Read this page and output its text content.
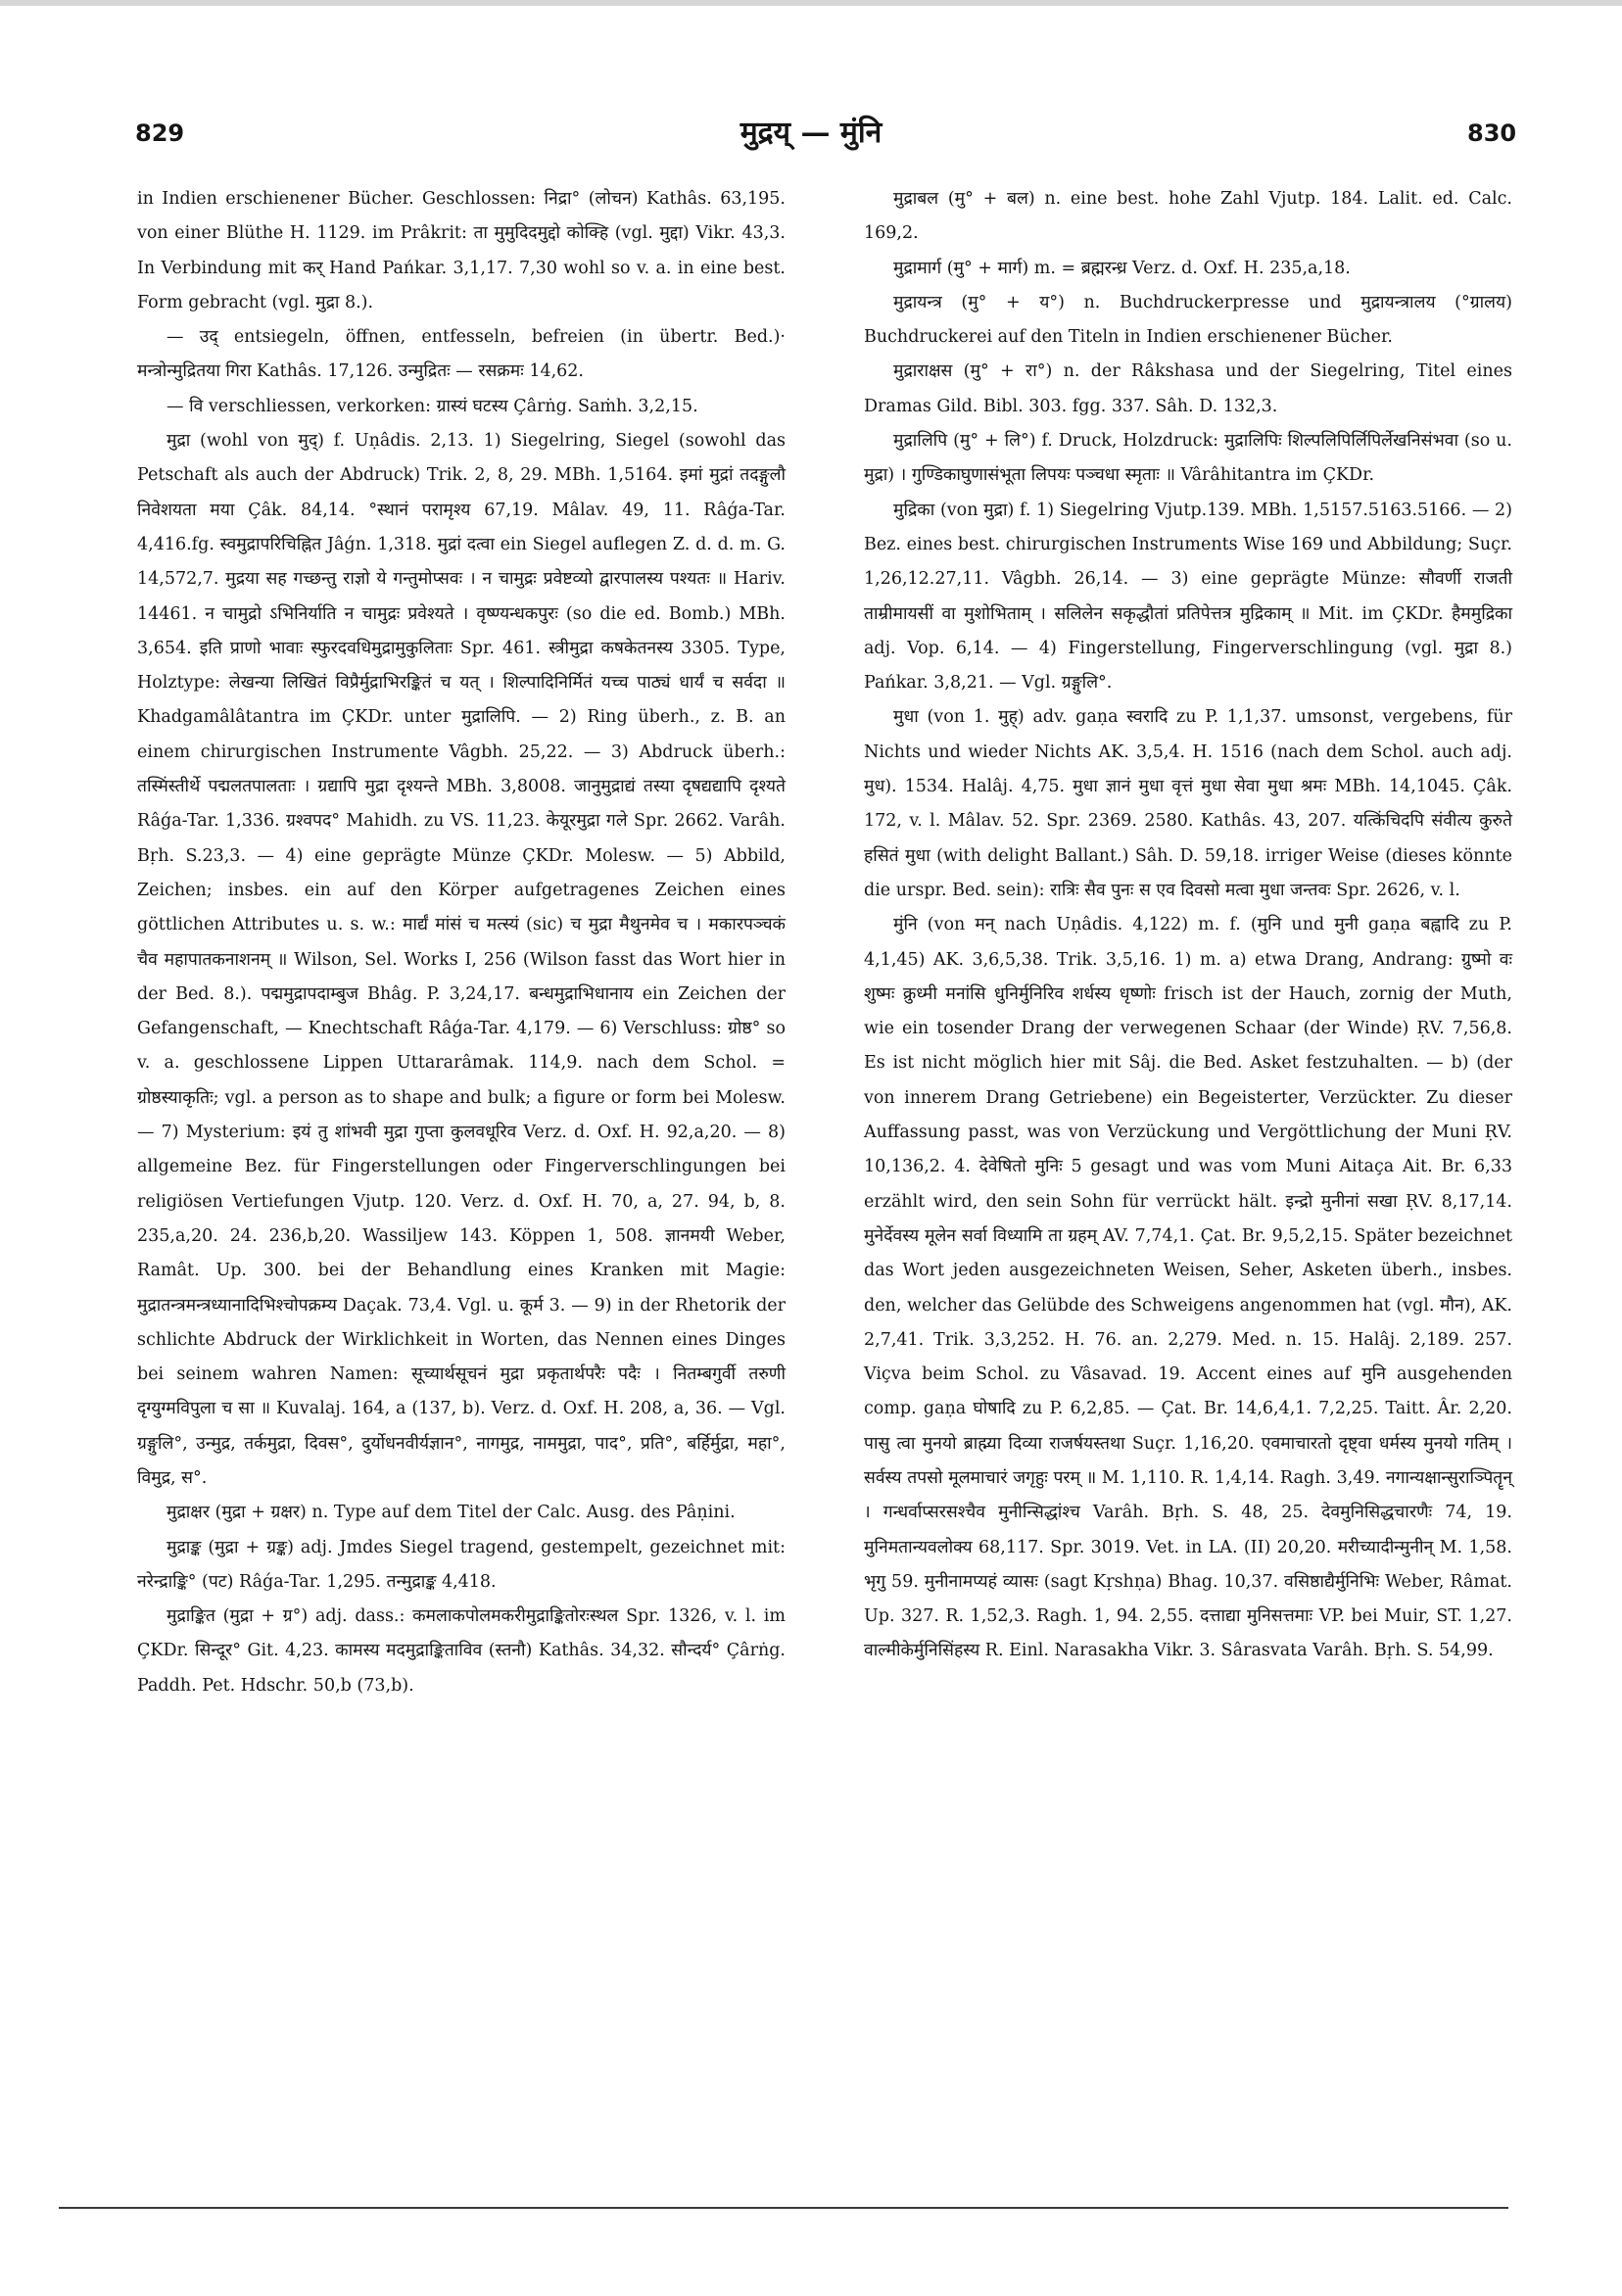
829	मुद्रय् — मुंनि	830

in Indien erschienener Bücher. Geschlossen: निद्रा° (लोचन) Kathâs. 63,195. von einer Blüthe H. 1129. im Prâkrit: ता मुमुदिदमुद्दो कोक्हि (vgl. मुद्दा) Vikr. 43,3. In Verbindung mit कर् Hand Pańkar. 3,1,17. 7,30 wohl so v. a. in eine best. Form gebracht (vgl. मुद्रा 8.).

— उद् entsiegeln, öffnen, entfesseln, befreien (in übertr. Bed.)· मन्त्रोन्मुद्रितया गिरा Kathâs. 17,126. उन्मुद्रितः — रसक्रमः 14,62.

— वि verschliessen, verkorken: ग्रास्यं घटस्य Çârṅg. Saṁh. 3,2,15.

मुद्रा (wohl von मुद्) f. Uṇâdis. 2,13. 1) Siegelring, Siegel (sowohl das Petschaft als auch der Abdruck) Trik. 2, 8, 29. MBh. 1,5164. इमां मुद्रां तदङ्गुलौ निवेशयता मया Çâk. 84,14. °स्थानं परामृश्य 67,19. Mâlav. 49, 11. Râǵa-Tar. 4,416.fg. स्वमुद्रापरिचिह्नित Jâǵn. 1,318. मुद्रां दत्वा ein Siegel auflegen Z. d. d. m. G. 14,572,7. मुद्रया सह गच्छन्तु राज्ञो ये गन्तुमोप्सवः । न चामुद्रः प्रवेष्टव्यो द्वारपालस्य पश्यतः ॥ Hariv. 14461. न चामुद्रो ऽभिनिर्याति न चामुद्रः प्रवेश्यते । वृष्ण्यन्धकपुरः (so die ed. Bomb.) MBh. 3,654. इति प्राणो भावाः स्फुरदवधिमुद्रामुकुलिताः Spr. 461. स्त्रीमुद्रा कषकेतनस्य 3305. Type, Holztype: लेखन्या लिखितं विप्रैर्मुद्राभिरङ्कितं च यत् । शिल्पादिनिर्मितं यच्च पाठ्यं धार्यं च सर्वदा ॥ Khadgamâlâtantra im ÇKDr. unter मुद्रालिपि. — 2) Ring überh., z. B. an einem chirurgischen Instrumente Vâgbh. 25,22. — 3) Abdruck überh.: तस्मिंस्तीर्थे पद्मलतपालताः । ग्रद्यापि मुद्रा दृश्यन्ते MBh. 3,8008. जानुमुद्राद्यं तस्या दृषद्यद्यापि दृश्यते Râǵa-Tar. 1,336. ग्रश्वपद° Mahidh. zu VS. 11,23. केयूरमुद्रा गले Spr. 2662. Varâh. Bṛh. S.23,3. — 4) eine geprägte Münze ÇKDr. Molesw. — 5) Abbild, Zeichen; insbes. ein auf den Körper aufgetragenes Zeichen eines göttlichen Attributes u. s. w.: मार्द्यं मांसं च मत्स्यं (sic) च मुद्रा मैथुनमेव च । मकारपञ्चकं चैव महापातकनाशनम् ॥ Wilson, Sel. Works I, 256 (Wilson fasst das Wort hier in der Bed. 8.). पद्ममुद्रापदाम्बुज Bhâg. P. 3,24,17. बन्धमुद्राभिधानाय ein Zeichen der Gefangenschaft, — Knechtschaft Râǵa-Tar. 4,179. — 6) Verschluss: ग्रोष्ठ° so v. a. geschlossene Lippen Uttararâmak. 114,9. nach dem Schol. = ग्रोष्ठस्याकृतिः; vgl. a person as to shape and bulk; a figure or form bei Molesw. — 7) Mysterium: इयं तु शांभवी मुद्रा गुप्ता कुलवधूरिव Verz. d. Oxf. H. 92,a,20. — 8) allgemeine Bez. für Fingerstellungen oder Fingerverschlingungen bei religiösen Vertiefungen Vjutp. 120. Verz. d. Oxf. H. 70, a, 27. 94, b, 8. 235,a,20. 24. 236,b,20. Wassiljew 143. Köppen 1, 508. ज्ञानमयी Weber, Ramât. Up. 300. bei der Behandlung eines Kranken mit Magie: मुद्रातन्त्रमन्त्रध्यानादिभिश्चोपक्रम्य Daçak. 73,4. Vgl. u. कूर्म 3. — 9) in der Rhetorik der schlichte Abdruck der Wirklichkeit in Worten, das Nennen eines Dinges bei seinem wahren Namen: सूच्यार्थसूचनं मुद्रा प्रकृतार्थपरैः पदैः । नितम्बगुर्वी तरुणी दृग्युग्मविपुला च सा ॥ Kuvalaj. 164, a (137, b). Verz. d. Oxf. H. 208, a, 36. — Vgl. ग्रङ्गुलि°, उन्मुद्र, तर्कमुद्रा, दिवस°, दुर्योधनवीर्यज्ञान°, नागमुद्र, नाममुद्रा, पाद°, प्रति°, बर्हिर्मुद्रा, महा°, विमुद्र, स°.

मुद्राक्षर (मुद्रा + ग्रक्षर) n. Type auf dem Titel der Calc. Ausg. des Pâṇini.

मुद्राङ्क (मुद्रा + ग्रङ्क) adj. Jmdes Siegel tragend, gestempelt, gezeichnet mit: नरेन्द्राङ्कि° (पट) Râǵa-Tar. 1,295. तन्मुद्राङ्क 4,418.

मुद्राङ्कित (मुद्रा + ग्र°) adj. dass.: कमलाकपोलमकरीमुद्राङ्कितोरःस्थल Spr. 1326, v. l. im ÇKDr. सिन्दूर° Git. 4,23. कामस्य मदमुद्राङ्किताविव (स्तनौ) Kathâs. 34,32. सौन्दर्य° Çârṅg. Paddh. Pet. Hdschr. 50,b (73,b).

मुद्राबल (मु° + बल) n. eine best. hohe Zahl Vjutp. 184. Lalit. ed. Calc. 169,2.

मुद्रामार्ग (मु° + मार्ग) m. = ब्रह्मरन्ध्र Verz. d. Oxf. H. 235,a,18.

मुद्रायन्त्र (मु° + य°) n. Buchdruckerpresse und मुद्रायन्त्रालय (°ग्रालय) Buchdruckerei auf den Titeln in Indien erschienener Bücher.

मुद्राराक्षस (मु° + रा°) n. der Râkshasa und der Siegelring, Titel eines Dramas Gild. Bibl. 303. fgg. 337. Sâh. D. 132,3.

मुद्रालिपि (मु° + लि°) f. Druck, Holzdruck: मुद्रालिपिः शिल्पलिपिर्लिपिर्लेखनिसंभवा (so u. मुद्रा) । गुण्डिकाघुणासंभूता लिपयः पञ्चधा स्मृताः ॥ Vârâhitantra im ÇKDr.

मुद्रिका (von मुद्रा) f. 1) Siegelring Vjutp.139. MBh. 1,5157.5163.5166. — 2) Bez. eines best. chirurgischen Instruments Wise 169 und Abbildung; Suçr. 1,26,12.27,11. Vâgbh. 26,14. — 3) eine geprägte Münze: सौवर्णी राजती ताम्रीमायसीं वा मुशोभिताम् । सलिलेन सकृद्धौतां प्रतिपेत्तत्र मुद्रिकाम् ॥ Mit. im ÇKDr. हैममुद्रिका adj. Vop. 6,14. — 4) Fingerstellung, Fingerverschlingung (vgl. मुद्रा 8.) Pańkar. 3,8,21. — Vgl. ग्रङ्गुलि°.

मुधा (von 1. मुह्) adv. gaṇa स्वरादि zu P. 1,1,37. umsonst, vergebens, für Nichts und wieder Nichts AK. 3,5,4. H. 1516 (nach dem Schol. auch adj. मुध). 1534. Halâj. 4,75. मुधा ज्ञानं मुधा वृत्तं मुधा सेवा मुधा श्रमः MBh. 14,1045. Çâk. 172, v. l. Mâlav. 52. Spr. 2369. 2580. Kathâs. 43, 207. यत्किंचिदपि संवीत्य कुरुते हसितं मुधा (with delight Ballant.) Sâh. D. 59,18. irriger Weise (dieses könnte die urspr. Bed. sein): रात्रिः सैव पुनः स एव दिवसो मत्वा मुधा जन्तवः Spr. 2626, v. l.

मुंनि (von मन् nach Uṇâdis. 4,122) m. f. (मुनि und मुनी gaṇa बह्वादि zu P. 4,1,45) AK. 3,6,5,38. Trik. 3,5,16. 1) m. a) etwa Drang, Andrang: ग्रुष्मो वः शुष्मः क्रुध्मी मनांसि धुनिर्मुनिरिव शर्धस्य धृष्णोः frisch ist der Hauch, zornig der Muth, wie ein tosender Drang der verwegenen Schaar (der Winde) ṚV. 7,56,8. Es ist nicht möglich hier mit Sâj. die Bed. Asket festzuhalten. — b) (der von innerem Drang Getriebene) ein Begeisterter, Verzückter. Zu dieser Auffassung passt, was von Verzückung und Vergöttlichung der Muni ṚV. 10,136,2. 4. देवेषितो मुनिः 5 gesagt und was vom Muni Aitaça Ait. Br. 6,33 erzählt wird, den sein Sohn für verrückt hält. इन्द्रो मुनीनां सखा ṚV. 8,17,14. मुनेर्देवस्य मूलेन सर्वा विध्यामि ता ग्रहम् AV. 7,74,1. Çat. Br. 9,5,2,15. Später bezeichnet das Wort jeden ausgezeichneten Weisen, Seher, Asketen überh., insbes. den, welcher das Gelübde des Schweigens angenommen hat (vgl. मौन), AK. 2,7,41. Trik. 3,3,252. H. 76. an. 2,279. Med. n. 15. Halâj. 2,189. 257. Viçva beim Schol. zu Vâsavad. 19. Accent eines auf मुनि ausgehenden comp. gaṇa घोषादि zu P. 6,2,85. — Çat. Br. 14,6,4,1. 7,2,25. Taitt. Âr. 2,20. पासु त्वा मुनयो ब्राह्म्या दिव्या राजर्षयस्तथा Suçr. 1,16,20. एवमाचारतो दृष्ट्वा धर्मस्य मुनयो गतिम् । सर्वस्य तपसो मूलमाचारं जगृहुः परम् ॥ M. 1,110. R. 1,4,14. Ragh. 3,49. नगान्यक्षान्सुराञ्पितॄन् । गन्धर्वाप्सरसश्चैव मुनीन्सिद्धांश्च Varâh. Bṛh. S. 48, 25. देवमुनिसिद्धचारणैः 74, 19. मुनिमतान्यवलोक्य 68,117. Spr. 3019. Vet. in LA. (II) 20,20. मरीच्यादीन्मुनीन् M. 1,58. भृगु 59. मुनीनामप्यहं व्यासः (sagt Kṛshṇa) Bhag. 10,37. वसिष्ठाद्यैर्मुनिभिः Weber, Râmat. Up. 327. R. 1,52,3. Ragh. 1, 94. 2,55. दत्ताद्या मुनिसत्तमाः VP. bei Muir, ST. 1,27. वाल्मीकेर्मुनिसिंहस्य R. Einl. Narasakha Vikr. 3. Sârasvata Varâh. Bṛh. S. 54,99.
